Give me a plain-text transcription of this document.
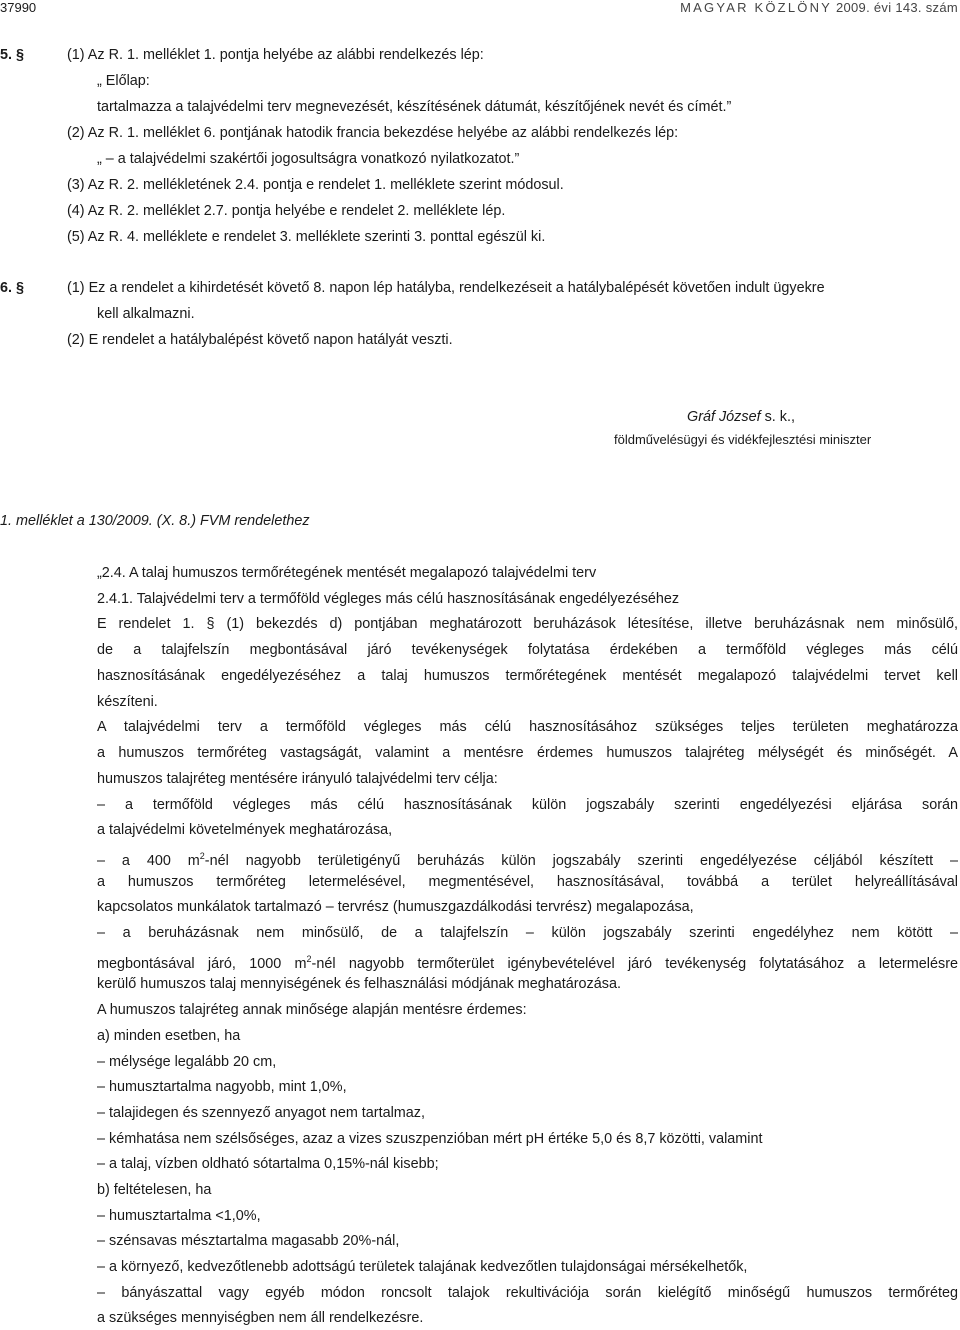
37990	MAGYAR KÖZLÖNY 2009. évi 143. szám
5. §	(1) Az R. 1. melléklet 1. pontja helyébe az alábbi rendelkezés lép:
„ Előlap:
tartalmazza a talajvédelmi terv megnevezését, készítésének dátumát, készítőjének nevét és címét.”
(2) Az R. 1. melléklet 6. pontjának hatodik francia bekezdése helyébe az alábbi rendelkezés lép:
„ – a talajvédelmi szakértői jogosultságra vonatkozó nyilatkozatot.”
(3) Az R. 2. mellékletének 2.4. pontja e rendelet 1. melléklete szerint módosul.
(4) Az R. 2. melléklet 2.7. pontja helyébe e rendelet 2. melléklete lép.
(5) Az R. 4. melléklete e rendelet 3. melléklete szerinti 3. ponttal egészül ki.
6. §	(1) Ez a rendelet a kihirdetését követő 8. napon lép hatályba, rendelkezéseit a hatálybalépését követően indult ügyekre
kell alkalmazni.
(2) E rendelet a hatálybalépést követő napon hatályát veszti.
Gráf József s. k.,
földművelésügyi és vidékfejlesztési miniszter
1. melléklet a 130/2009. (X. 8.) FVM rendelethez
„2.4. A talaj humuszos termőrétegének mentését megalapozó talajvédelmi terv
2.4.1. Talajvédelmi terv a termőföld végleges más célú hasznosításának engedélyezéséhez
E rendelet 1. § (1) bekezdés d) pontjában meghatározott beruházások létesítése, illetve beruházásnak nem minősülő,
de a talajfelszín megbontásával járó tevékenységek folytatása érdekében a termőföld végleges más célú
hasznosításának engedélyezéséhez a talaj humuszos termőrétegének mentését megalapozó talajvédelmi tervet kell
készíteni.
A talajvédelmi terv a termőföld végleges más célú hasznosításához szükséges teljes területen meghatározza
a humuszos termőréteg vastagságát, valamint a mentésre érdemes humuszos talajréteg mélységét és minőségét. A
humuszos talajréteg mentésére irányuló talajvédelmi terv célja:
– a termőföld végleges más célú hasznosításának külön jogszabály szerinti engedélyezési eljárása során
a talajvédelmi követelmények meghatározása,
– a 400 $m^2$-nél nagyobb területigényű beruházás külön jogszabály szerinti engedélyezése céljából készített –
a humuszos termőréteg letermelésével, megmentésével, hasznosításával, továbbá a terület helyreállításával
kapcsolatos munkálatok tartalmazó – tervrész (humuszgazdálkodási tervrész) megalapozása,
– a beruházásnak nem minősülő, de a talajfelszín – külön jogszabály szerinti engedélyhez nem kötött –
megbontásával járó, 1000 $m^2$-nél nagyobb termőterület igénybevételével járó tevékenység folytatásához a letermelésre
kerülő humuszos talaj mennyiségének és felhasználási módjának meghatározása.
A humuszos talajréteg annak minősége alapján mentésre érdemes:
a) minden esetben, ha
– mélysége legalább 20 cm,
– humusztartalma nagyobb, mint 1,0%,
– talajidegen és szennyező anyagot nem tartalmaz,
– kémhatása nem szélsőséges, azaz a vizes szuszpenzióban mért pH értéke 5,0 és 8,7 közötti, valamint
– a talaj, vízben oldható sótartalma 0,15%-nál kisebb;
b) feltételesen, ha
– humusztartalma <1,0%,
– szénsavas mésztartalma magasabb 20%-nál,
– a környező, kedvezőtlenebb adottságú területek talajának kedvezőtlen tulajdonságai mérsékelhetők,
– bányászattal vagy egyéb módon roncsolt talajok rekultivációja során kielégítő minőségű humuszos termőréteg
a szükséges mennyiségben nem áll rendelkezésre.
